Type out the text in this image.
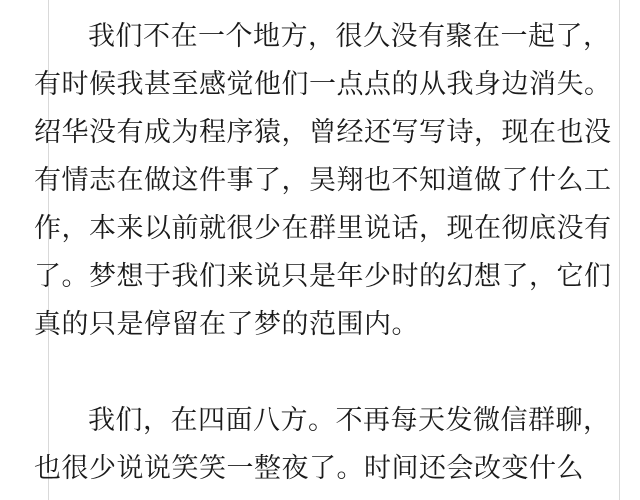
我们不在一个地方，很久没有聚在一起了，有时候我甚至感觉他们一点点的从我身边消失。绍华没有成为程序猿，曾经还写写诗，现在也没有情志在做这件事了，昊翔也不知道做了什么工作，本来以前就很少在群里说话，现在彻底没有了。梦想于我们来说只是年少时的幻想了，它们真的只是停留在了梦的范围内。

我们，在四面八方。不再每天发微信群聊，也很少说说笑笑一整夜了。时间还会改变什么
